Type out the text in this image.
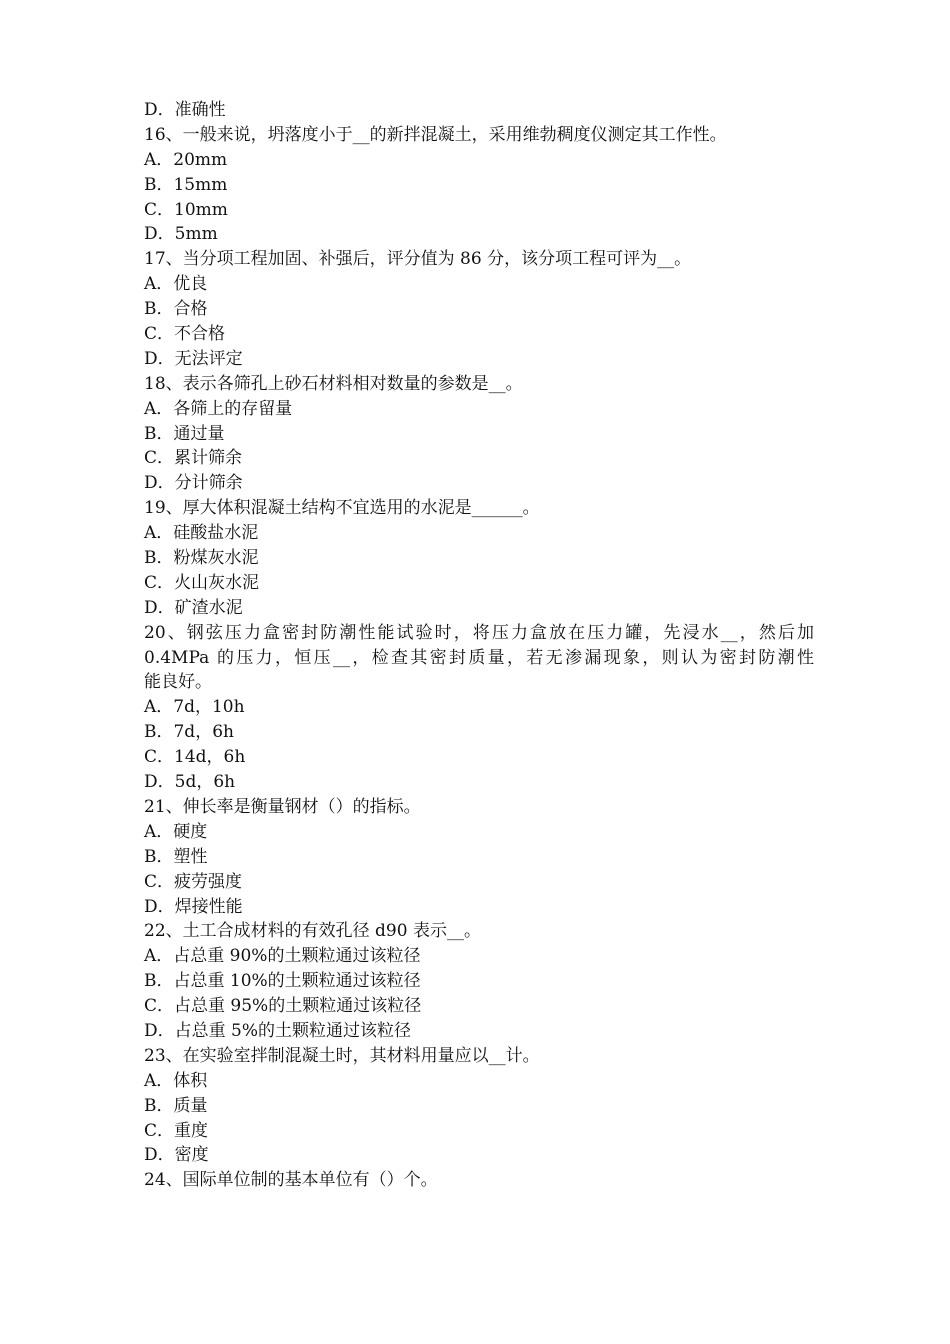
D．准确性
16、一般来说，坍落度小于__的新拌混凝土，采用维勃稠度仪测定其工作性。
A．20mm
B．15mm
C．10mm
D．5mm
17、当分项工程加固、补强后，评分值为 86 分，该分项工程可评为__。
A．优良
B．合格
C．不合格
D．无法评定
18、表示各筛孔上砂石材料相对数量的参数是__。
A．各筛上的存留量
B．通过量
C．累计筛余
D．分计筛余
19、厚大体积混凝土结构不宜选用的水泥是______。
A．硅酸盐水泥
B．粉煤灰水泥
C．火山灰水泥
D．矿渣水泥
20、钢弦压力盒密封防潮性能试验时，将压力盒放在压力罐，先浸水__，然后加
0.4MPa 的压力，恒压__，检查其密封质量，若无渗漏现象，则认为密封防潮性
能良好。
A．7d，10h
B．7d，6h
C．14d，6h
D．5d，6h
21、伸长率是衡量钢材（）的指标。
A．硬度
B．塑性
C．疲劳强度
D．焊接性能
22、土工合成材料的有效孔径 d90 表示__。
A．占总重 90%的土颗粒通过该粒径
B．占总重 10%的土颗粒通过该粒径
C．占总重 95%的土颗粒通过该粒径
D．占总重 5%的土颗粒通过该粒径
23、在实验室拌制混凝土时，其材料用量应以__计。
A．体积
B．质量
C．重度
D．密度
24、国际单位制的基本单位有（）个。
